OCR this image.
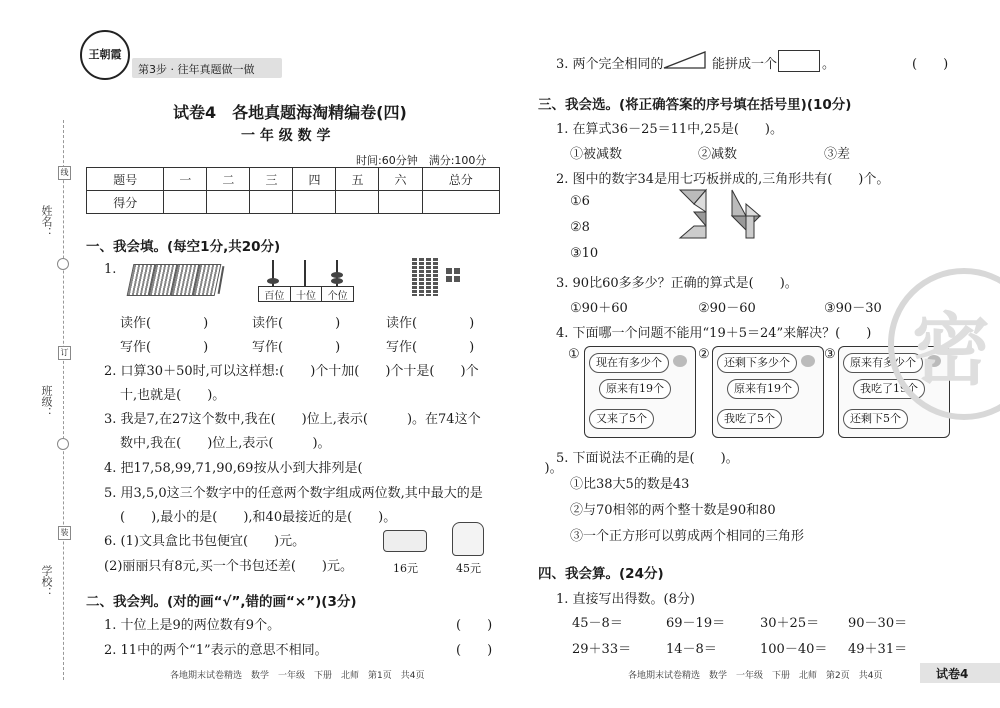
线
订
装
姓名：
班级：
学校：
王朝霞
第3步 · 往年真题做一做
试卷4　各地真题海淘精编卷(四)
一 年 级 数 学
时间:60分钟　满分:100分
题号	一	二	三	四	五	六	总分
得分							
一、我会填。(每空1分,共20分)
1.
百位	十位	个位
读作(　　　　)	读作(　　　　)	读作(　　　　)
写作(　　　　)	写作(　　　　)	写作(　　　　)
2. 口算30＋50时,可以这样想:(　　)个十加(　　)个十是(　　)个
十,也就是(　　)。
3. 我是7,在27这个数中,我在(　　)位上,表示(　　　)。在74这个
数中,我在(　　)位上,表示(　　　)。
4. 把17,58,99,71,90,69按从小到大排列是(　　　　　　　　　　　　　　)。
5. 用3,5,0这三个数字中的任意两个数字组成两位数,其中最大的是
(　　),最小的是(　　),和40最接近的是(　　)。
6. (1)文具盒比书包便宜(　　)元。
(2)丽丽只有8元,买一个书包还差(　　)元。	16元	45元
二、我会判。(对的画“√”,错的画“×”)(3分)
1. 十位上是9的两位数有9个。	(　　)
2. 11中的两个“1”表示的意思不相同。	(　　)
各地期末试卷精选　数学　一年级　下册　北师　第1页　共4页
3. 两个完全相同的	能拼成一个	。	(　　)
三、我会选。(将正确答案的序号填在括号里)(10分)
1. 在算式36－25＝11中,25是(　　)。
①被减数	②减数	③差
2. 图中的数字34是用七巧板拼成的,三角形共有(　　)个。
①6
②8
③10
3. 90比60多多少？正确的算式是(　　)。
①90＋60	②90－60	③90－30
4. 下面哪一个问题不能用“19＋5＝24”来解决？(　　)
①
现在有多少个
原来有19个
又来了5个
②
还剩下多少个
原来有19个
我吃了5个
③
原来有多少个
我吃了19个
还剩下5个
5. 下面说法不正确的是(　　)。
①比38大5的数是43
②与70相邻的两个整十数是90和80
③一个正方形可以剪成两个相同的三角形
四、我会算。(24分)
1. 直接写出得数。(8分)
45－8＝	69－19＝	30＋25＝ 90－30＝
29＋33＝	14－8＝	100－40＝ 49＋31＝
密
各地期末试卷精选　数学　一年级　下册　北师　第2页　共4页	试卷4
